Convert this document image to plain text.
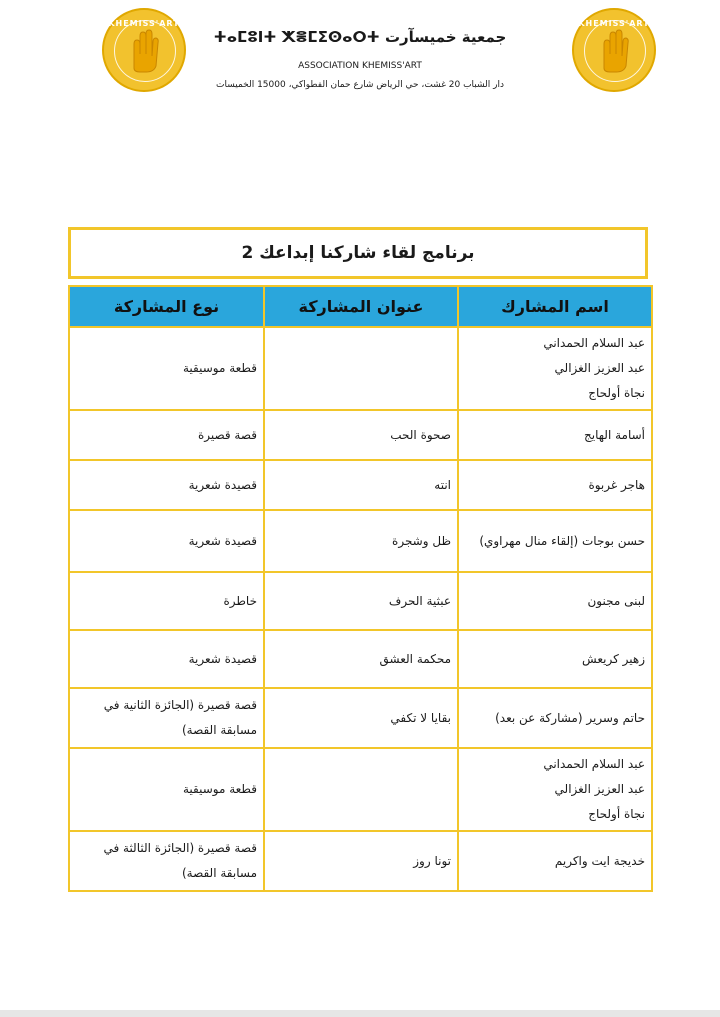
KHEMISS'ART	KHEMISS'ART
جمعية خميسآرت ⵜⴰⵎⵓⵏⵜ ⵅⴻⵎⵉⵙⴰⵔⵜ
ASSOCIATION KHEMISS'ART
دار الشباب 20 غشت، حي الرياض شارع حمان الفطواكي، 15000 الخميسات
برنامج لقاء شاركنا إبداعك 2
اسم المشارك	عنوان المشاركة	نوع المشاركة

عبد السلام الحمداني
عبد العزيز الغزالي
نجاة أولحاج		قطعة موسيقية

أسامة الهايج	صحوة الحب	قصة قصيرة

هاجر غربوة	انته	قصيدة شعرية

حسن بوجات (إلقاء منال مهراوي)	ظل وشجرة	قصيدة شعرية

لبنى مجنون	عبثية الحرف	خاطرة

زهير كريعش	محكمة العشق	قصيدة شعرية

حاتم وسرير (مشاركة عن بعد)	بقايا لا تكفي	قصة قصيرة (الجائزة الثانية في مسابقة القصة)

عبد السلام الحمداني
عبد العزيز الغزالي
نجاة أولحاج		قطعة موسيقية

خديجة ايت واكريم	تونا روز	قصة قصيرة (الجائزة الثالثة في مسابقة القصة)
